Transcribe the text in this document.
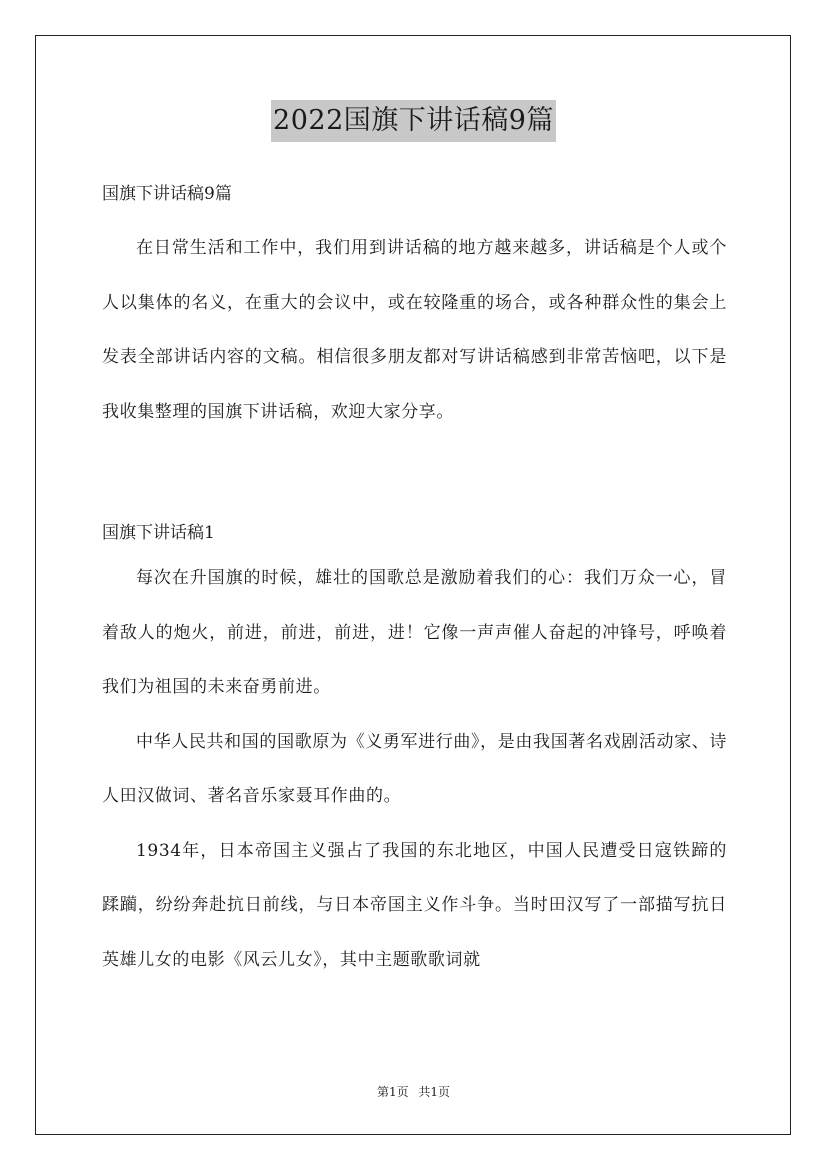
2022国旗下讲话稿9篇

国旗下讲话稿9篇

在日常生活和工作中，我们用到讲话稿的地方越来越多，讲话稿是个人或个人以集体的名义，在重大的会议中，或在较隆重的场合，或各种群众性的集会上发表全部讲话内容的文稿。相信很多朋友都对写讲话稿感到非常苦恼吧，以下是我收集整理的国旗下讲话稿，欢迎大家分享。

国旗下讲话稿1

每次在升国旗的时候，雄壮的国歌总是激励着我们的心：我们万众一心，冒着敌人的炮火，前进，前进，前进，进！它像一声声催人奋起的冲锋号，呼唤着我们为祖国的未来奋勇前进。

中华人民共和国的国歌原为《义勇军进行曲》，是由我国著名戏剧活动家、诗人田汉做词、著名音乐家聂耳作曲的。

1934年，日本帝国主义强占了我国的东北地区，中国人民遭受日寇铁蹄的蹂躏，纷纷奔赴抗日前线，与日本帝国主义作斗争。当时田汉写了一部描写抗日英雄儿女的电影《风云儿女》，其中主题歌歌词就

第1页 共1页
